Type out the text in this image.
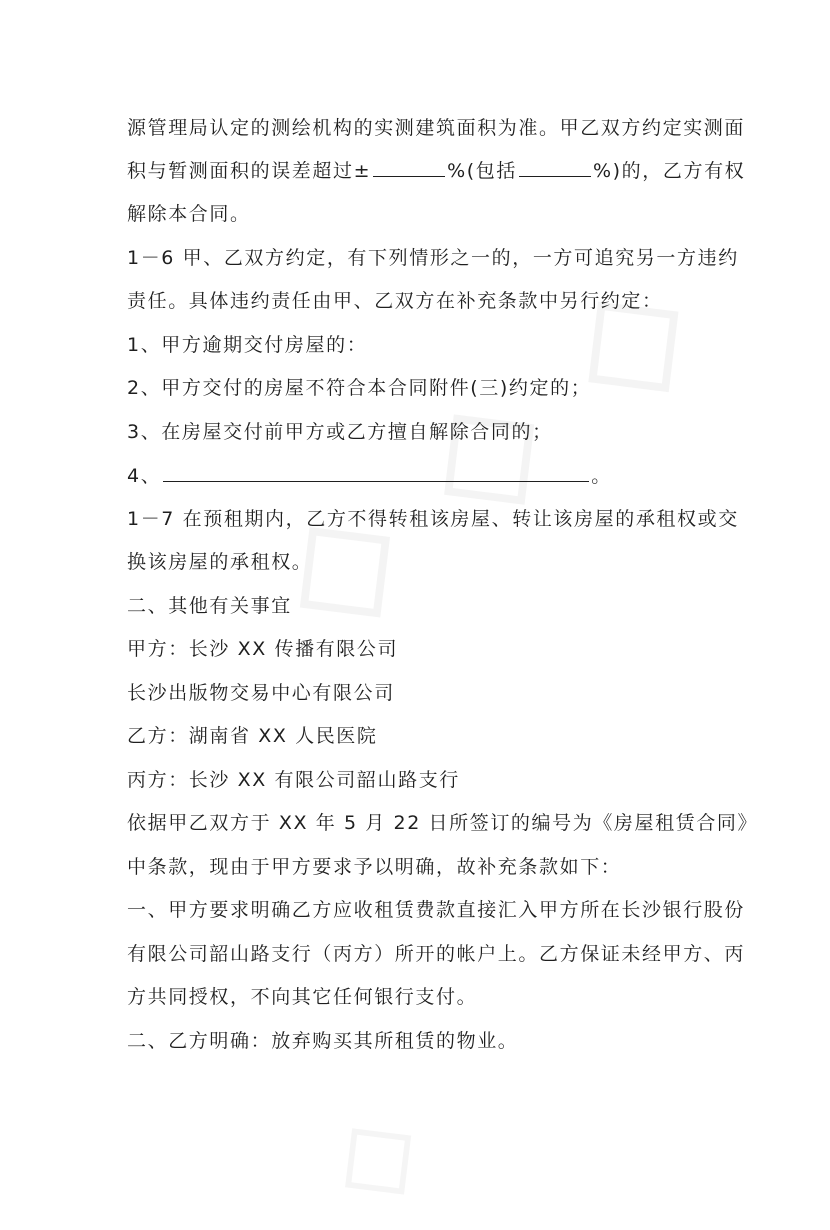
源管理局认定的测绘机构的实测建筑面积为准。甲乙双方约定实测面
积与暂测面积的误差超过±	%(包括	%)的，乙方有权
解除本合同。
1－6 甲、乙双方约定，有下列情形之一的，一方可追究另一方违约
责任。具体违约责任由甲、乙双方在补充条款中另行约定：
1、甲方逾期交付房屋的：
2、甲方交付的房屋不符合本合同附件(三)约定的；
3、在房屋交付前甲方或乙方擅自解除合同的；
4、	。
1－7 在预租期内，乙方不得转租该房屋、转让该房屋的承租权或交
换该房屋的承租权。
二、其他有关事宜
甲方：长沙 XX 传播有限公司
长沙出版物交易中心有限公司
乙方：湖南省 XX 人民医院
丙方：长沙 XX 有限公司韶山路支行
依据甲乙双方于 XX 年 5 月 22 日所签订的编号为《房屋租赁合同》
中条款，现由于甲方要求予以明确，故补充条款如下：
一、甲方要求明确乙方应收租赁费款直接汇入甲方所在长沙银行股份
有限公司韶山路支行（丙方）所开的帐户上。乙方保证未经甲方、丙
方共同授权，不向其它任何银行支付。
二、乙方明确：放弃购买其所租赁的物业。
